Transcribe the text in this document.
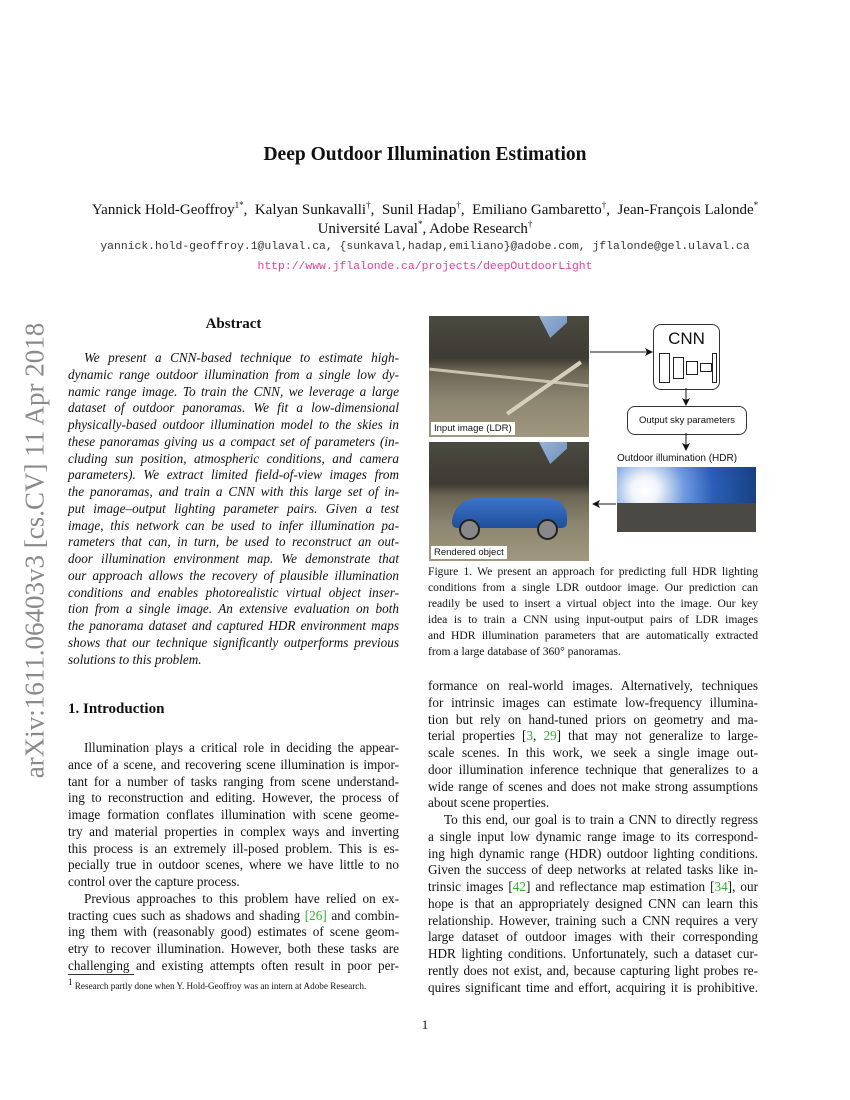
arXiv:1611.06403v3 [cs.CV] 11 Apr 2018
Deep Outdoor Illumination Estimation
Yannick Hold-Geoffroy$^{1*}$,  Kalyan Sunkavalli†,  Sunil Hadap†,  Emiliano Gambaretto†,  Jean-François Lalonde*
Université Laval*, Adobe Research†
yannick.hold-geoffroy.1@ulaval.ca, {sunkaval,hadap,emiliano}@adobe.com, jflalonde@gel.ulaval.ca
http://www.jflalonde.ca/projects/deepOutdoorLight
Abstract
We present a CNN-based technique to estimate high-
dynamic range outdoor illumination from a single low dy-
namic range image. To train the CNN, we leverage a large
dataset of outdoor panoramas. We fit a low-dimensional
physically-based outdoor illumination model to the skies in
these panoramas giving us a compact set of parameters (in-
cluding sun position, atmospheric conditions, and camera
parameters). We extract limited field-of-view images from
the panoramas, and train a CNN with this large set of in-
put image–output lighting parameter pairs. Given a test
image, this network can be used to infer illumination pa-
rameters that can, in turn, be used to reconstruct an out-
door illumination environment map. We demonstrate that
our approach allows the recovery of plausible illumination
conditions and enables photorealistic virtual object inser-
tion from a single image. An extensive evaluation on both
the panorama dataset and captured HDR environment maps
shows that our technique significantly outperforms previous
solutions to this problem.
1. Introduction
Illumination plays a critical role in deciding the appear-
ance of a scene, and recovering scene illumination is impor-
tant for a number of tasks ranging from scene understand-
ing to reconstruction and editing. However, the process of
image formation conflates illumination with scene geome-
try and material properties in complex ways and inverting
this process is an extremely ill-posed problem. This is es-
pecially true in outdoor scenes, where we have little to no
control over the capture process.
Previous approaches to this problem have relied on ex-
tracting cues such as shadows and shading [26] and combin-
ing them with (reasonably good) estimates of scene geom-
etry to recover illumination. However, both these tasks are
challenging and existing attempts often result in poor per-
$^1$ Research partly done when Y. Hold-Geoffroy was an intern at Adobe Research.
Input image (LDR)
Rendered object
CNN
Output sky parameters
Outdoor illumination (HDR)
Figure 1. We present an approach for predicting full HDR lighting
conditions from a single LDR outdoor image. Our prediction can
readily be used to insert a virtual object into the image. Our key
idea is to train a CNN using input-output pairs of LDR images
and HDR illumination parameters that are automatically extracted
from a large database of 360° panoramas.
formance on real-world images. Alternatively, techniques
for intrinsic images can estimate low-frequency illumina-
tion but rely on hand-tuned priors on geometry and ma-
terial properties [3, 29] that may not generalize to large-
scale scenes. In this work, we seek a single image out-
door illumination inference technique that generalizes to a
wide range of scenes and does not make strong assumptions
about scene properties.
To this end, our goal is to train a CNN to directly regress
a single input low dynamic range image to its correspond-
ing high dynamic range (HDR) outdoor lighting conditions.
Given the success of deep networks at related tasks like in-
trinsic images [42] and reflectance map estimation [34], our
hope is that an appropriately designed CNN can learn this
relationship. However, training such a CNN requires a very
large dataset of outdoor images with their corresponding
HDR lighting conditions. Unfortunately, such a dataset cur-
rently does not exist, and, because capturing light probes re-
quires significant time and effort, acquiring it is prohibitive.
1
